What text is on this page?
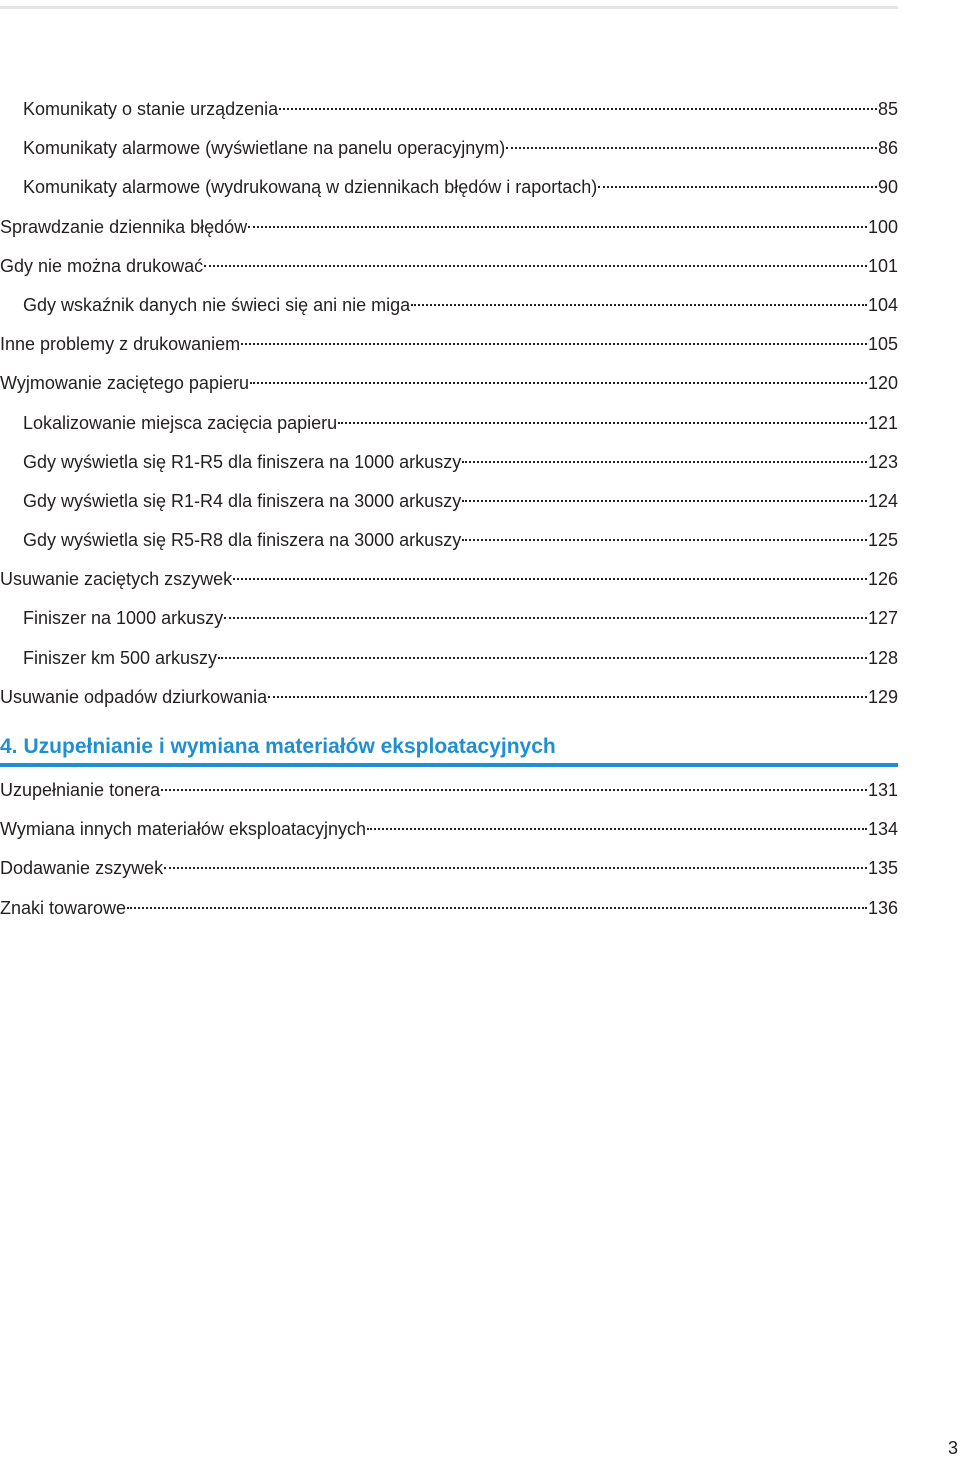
Komunikaty o stanie urządzenia	85
Komunikaty alarmowe (wyświetlane na panelu operacyjnym)	86
Komunikaty alarmowe (wydrukowaną w dziennikach błędów i raportach)	90
Sprawdzanie dziennika błędów	100
Gdy nie można drukować	101
Gdy wskaźnik danych nie świeci się ani nie miga	104
Inne problemy z drukowaniem	105
Wyjmowanie zaciętego papieru	120
Lokalizowanie miejsca zacięcia papieru	121
Gdy wyświetla się R1-R5 dla finiszera na 1000 arkuszy	123
Gdy wyświetla się R1-R4 dla finiszera na 3000 arkuszy	124
Gdy wyświetla się R5-R8 dla finiszera na 3000 arkuszy	125
Usuwanie zaciętych zszywek	126
Finiszer na 1000 arkuszy	127
Finiszer km 500 arkuszy	128
Usuwanie odpadów dziurkowania	129
4. Uzupełnianie i wymiana materiałów eksploatacyjnych
Uzupełnianie tonera	131
Wymiana innych materiałów eksploatacyjnych	134
Dodawanie zszywek	135
Znaki towarowe	136
3
